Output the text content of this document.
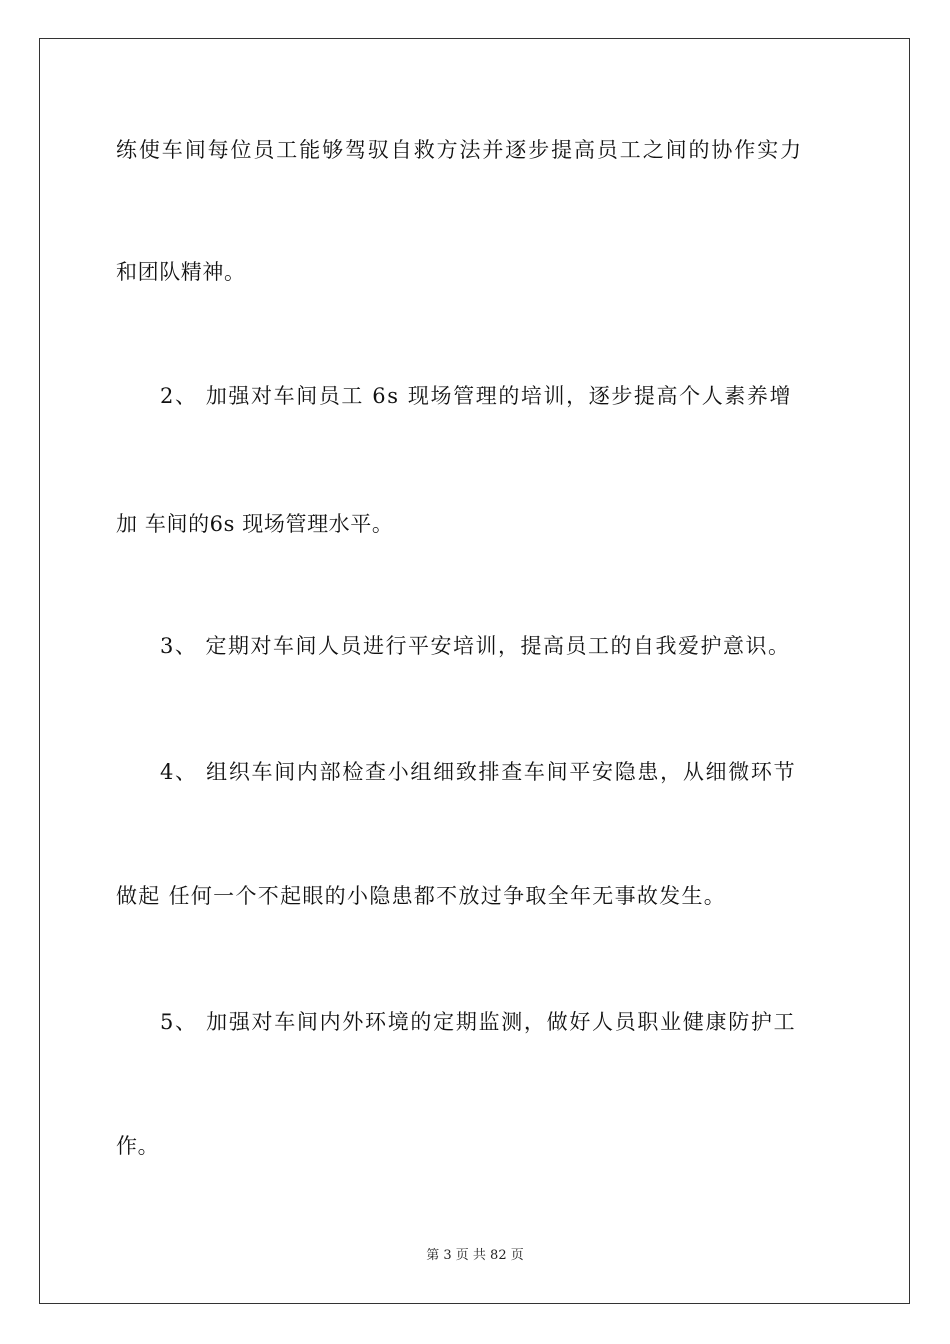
练使车间每位员工能够驾驭自救方法并逐步提高员工之间的协作实力
和团队精神。
2、 加强对车间员工 6s 现场管理的培训，逐步提高个人素养增
加 车间的6s 现场管理水平。
3、 定期对车间人员进行平安培训，提高员工的自我爱护意识。
4、 组织车间内部检查小组细致排查车间平安隐患，从细微环节
做起 任何一个不起眼的小隐患都不放过争取全年无事故发生。
5、 加强对车间内外环境的定期监测，做好人员职业健康防护工
作。
第 3 页 共 82 页
